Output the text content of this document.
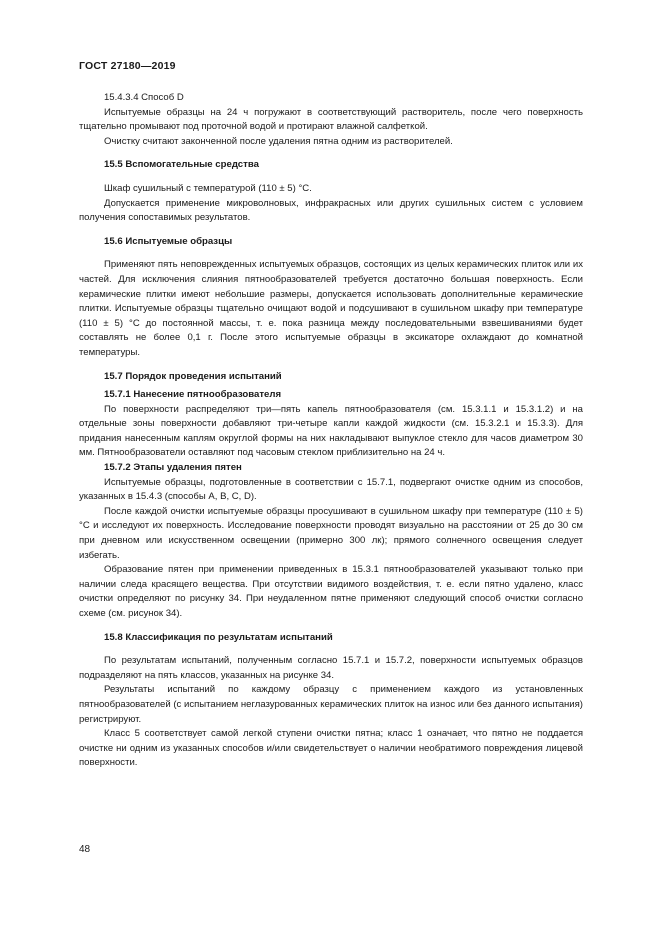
ГОСТ 27180—2019
15.4.3.4 Способ D

Испытуемые образцы на 24 ч погружают в соответствующий растворитель, после чего поверхность тщательно промывают под проточной водой и протирают влажной салфеткой.

Очистку считают законченной после удаления пятна одним из растворителей.

15.5 Вспомогательные средства

Шкаф сушильный с температурой (110 ± 5) °С.

Допускается применение микроволновых, инфракрасных или других сушильных систем с условием получения сопоставимых результатов.

15.6 Испытуемые образцы

Применяют пять неповрежденных испытуемых образцов, состоящих из целых керамических плиток или их частей. Для исключения слияния пятнообразователей требуется достаточно большая поверхность. Если керамические плитки имеют небольшие размеры, допускается использовать дополнительные керамические плитки. Испытуемые образцы тщательно очищают водой и подсушивают в сушильном шкафу при температуре (110 ± 5) °С до постоянной массы, т. е. пока разница между последовательными взвешиваниями будет составлять не более 0,1 г. После этого испытуемые образцы в эксикаторе охлаждают до комнатной температуры.

15.7 Порядок проведения испытаний
15.7.1 Нанесение пятнообразователя

По поверхности распределяют три—пять капель пятнообразователя (см. 15.3.1.1 и 15.3.1.2) и на отдельные зоны поверхности добавляют три-четыре капли каждой жидкости (см. 15.3.2.1 и 15.3.3). Для придания нанесенным каплям округлой формы на них накладывают выпуклое стекло для часов диаметром 30 мм. Пятнообразователи оставляют под часовым стеклом приблизительно на 24 ч.

15.7.2 Этапы удаления пятен

Испытуемые образцы, подготовленные в соответствии с 15.7.1, подвергают очистке одним из способов, указанных в 15.4.3 (способы А, В, С, D).

После каждой очистки испытуемые образцы просушивают в сушильном шкафу при температуре (110 ± 5) °С и исследуют их поверхность. Исследование поверхности проводят визуально на расстоянии от 25 до 30 см при дневном или искусственном освещении (примерно 300 лк); прямого солнечного освещения следует избегать.

Образование пятен при применении приведенных в 15.3.1 пятнообразователей указывают только при наличии следа красящего вещества. При отсутствии видимого воздействия, т. е. если пятно удалено, класс очистки определяют по рисунку 34. При неудаленном пятне применяют следующий способ очистки согласно схеме (см. рисунок 34).

15.8 Классификация по результатам испытаний

По результатам испытаний, полученным согласно 15.7.1 и 15.7.2, поверхности испытуемых образцов подразделяют на пять классов, указанных на рисунке 34.

Результаты испытаний по каждому образцу с применением каждого из установленных пятнообразователей (с испытанием неглазурованных керамических плиток на износ или без данного испытания) регистрируют.

Класс 5 соответствует самой легкой ступени очистки пятна; класс 1 означает, что пятно не поддается очистке ни одним из указанных способов и/или свидетельствует о наличии необратимого повреждения лицевой поверхности.

48
